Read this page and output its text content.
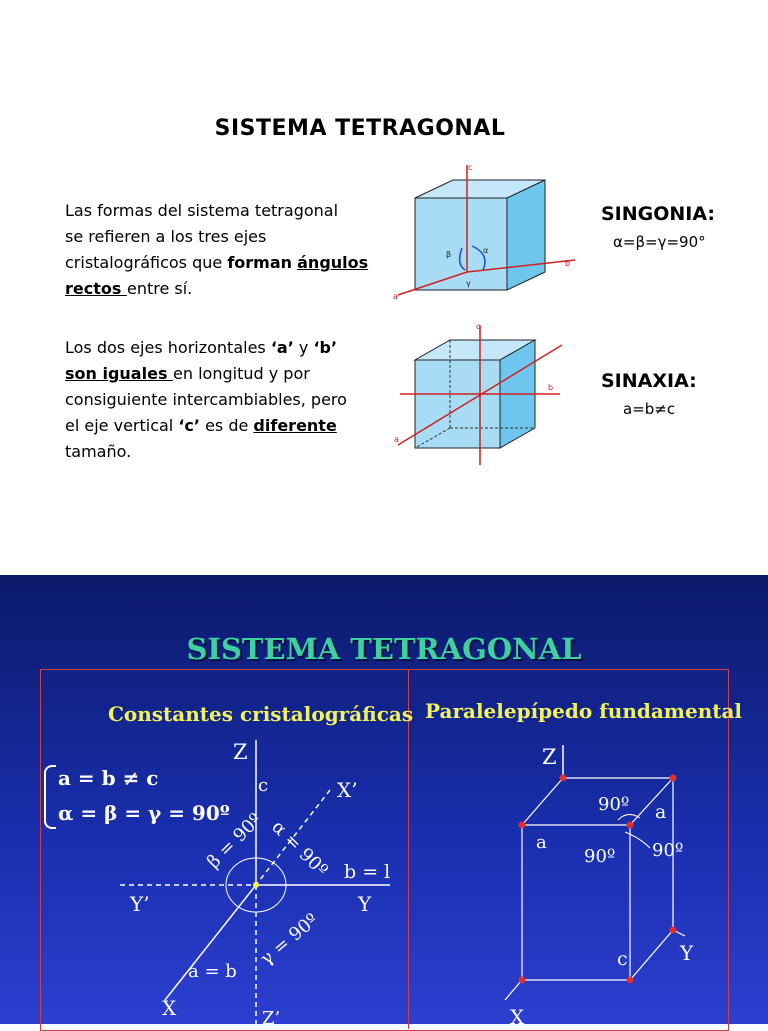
SISTEMA TETRAGONAL
Las formas del sistema tetragonal
se refieren a los tres ejes
cristalográficos que forman ángulos
rectos entre sí.
Los dos ejes horizontales ‘a’ y ‘b’
son iguales en longitud y por
consiguiente intercambiables, pero
el eje vertical ‘c’ es de diferente
tamaño.
c
b
a
β	α
γ
SINGONIA:
α=β=γ=90°
c
b
a
SINAXIA:
a=b≠c
SISTEMA TETRAGONAL
Constantes cristalográficas Paralelepípedo fundamental
a = b ≠ c
α = β = γ = 90º
Z
c	X’
α = 90º
β = 90º	b = l
Y’	Y
γ = 90º
a = b
X	Z’
Z
90º a
a
90º 90º
c	Y
X
